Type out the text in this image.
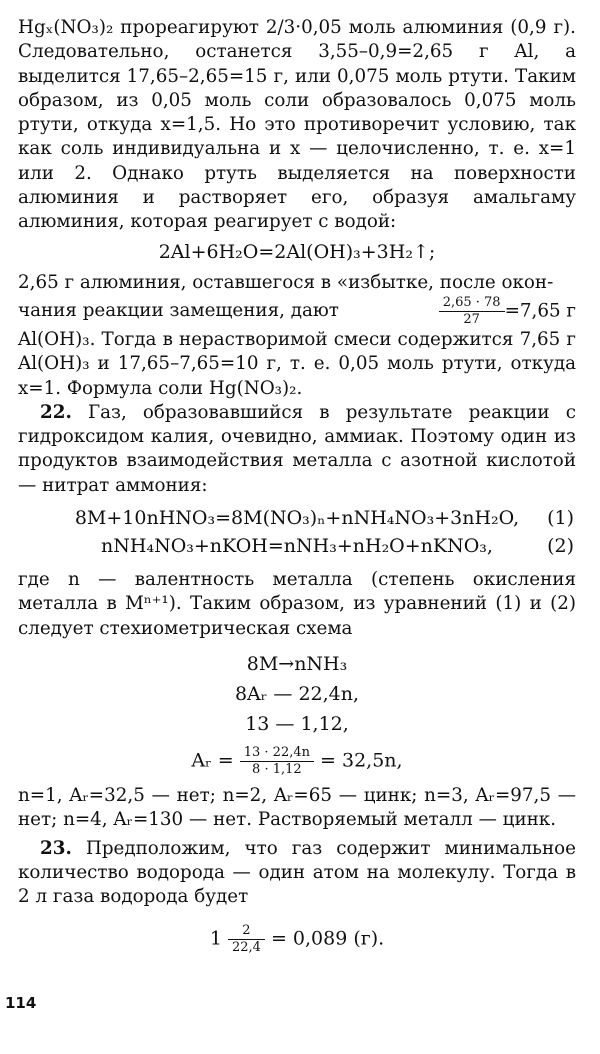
Hgₓ(NO₃)₂ прореагируют 2/3·0,05 моль алюминия (0,9 г). Следовательно, останется 3,55–0,9=2,65 г Al, а выделится 17,65–2,65=15 г, или 0,075 моль ртути. Таким образом, из 0,05 моль соли образовалось 0,075 моль ртути, откуда x=1,5. Но это противоречит условию, так как соль индивидуальна и x — целочисленно, т. е. x=1 или 2. Однако ртуть выделяется на поверхности алюминия и растворяет его, образуя амальгаму алюминия, которая реагирует с водой:

2Al+6H₂O=2Al(OH)₃+3H₂↑;

2,65 г алюминия, оставшегося в «избытке, после окон-

чания реакции замещения, дают	$\frac{2,65 \cdot 78}{27} =7,65$ г

Al(OH)₃. Тогда в нерастворимой смеси содержится 7,65 г Al(OH)₃ и 17,65–7,65=10 г, т. е. 0,05 моль ртути, откуда x=1. Формула соли Hg(NO₃)₂.

22. Газ, образовавшийся в результате реакции с гидроксидом калия, очевидно, аммиак. Поэтому один из продуктов взаимодействия металла с азотной кислотой — нитрат аммония:

8M+10nHNO₃=8M(NO₃)ₙ+nNH₄NO₃+3nH₂O, (1)
nNH₄NO₃+nKOH=nNH₃+nH₂O+nKNO₃,	(2)

где n — валентность металла (степень окисления металла в Mⁿ⁺¹). Таким образом, из уравнений (1) и (2) следует стехиометрическая схема

8M→nNH₃
8Aᵣ — 22,4n,
13 — 1,12,
Aᵣ = $\frac{13 \cdot 22,4n}{8 \cdot 1,12} = 32,5n$,

n=1, Aᵣ=32,5 — нет; n=2, Aᵣ=65 — цинк; n=3, Aᵣ=97,5 — нет; n=4, Aᵣ=130 — нет. Растворяемый металл — цинк.

23. Предположим, что газ содержит минимальное количество водорода — один атом на молекулу. Тогда в 2 л газа водорода будет

$1 \frac{2}{22,4} = 0,089$ (г).
114
